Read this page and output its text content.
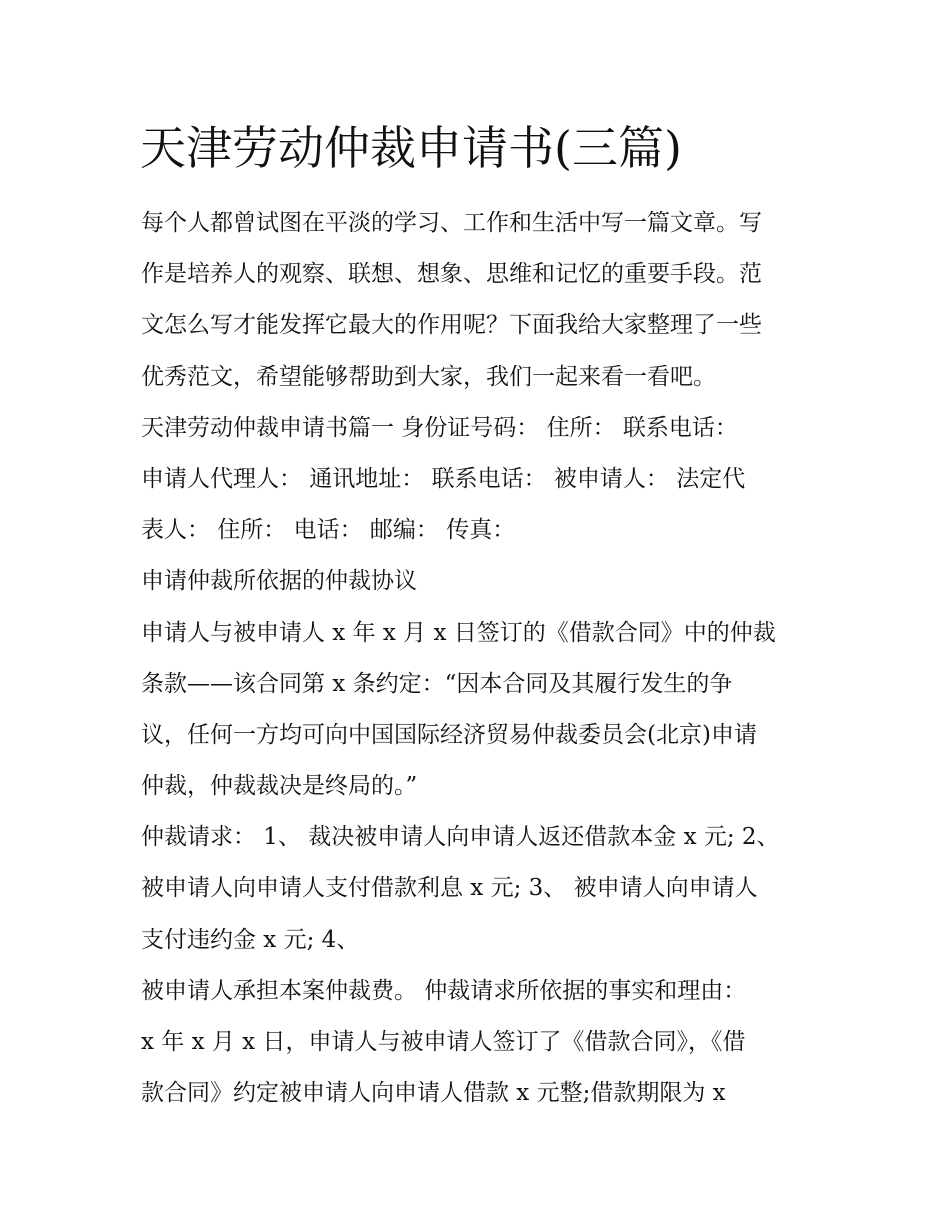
天津劳动仲裁申请书(三篇)
每个人都曾试图在平淡的学习、工作和生活中写一篇文章。写
作是培养人的观察、联想、想象、思维和记忆的重要手段。范
文怎么写才能发挥它最大的作用呢？下面我给大家整理了一些
优秀范文，希望能够帮助到大家，我们一起来看一看吧。
天津劳动仲裁申请书篇一 身份证号码： 住所： 联系电话：
申请人代理人： 通讯地址： 联系电话： 被申请人： 法定代
表人： 住所： 电话： 邮编： 传真：
申请仲裁所依据的仲裁协议
申请人与被申请人 x 年 x 月 x 日签订的《借款合同》中的仲裁
条款——该合同第 x 条约定：“因本合同及其履行发生的争
议，任何一方均可向中国国际经济贸易仲裁委员会(北京)申请
仲裁，仲裁裁决是终局的。”
仲裁请求： 1、 裁决被申请人向申请人返还借款本金 x 元; 2、
被申请人向申请人支付借款利息 x 元; 3、 被申请人向申请人
支付违约金 x 元; 4、
被申请人承担本案仲裁费。 仲裁请求所依据的事实和理由：
x 年 x 月 x 日，申请人与被申请人签订了《借款合同》，《借
款合同》约定被申请人向申请人借款 x 元整;借款期限为 x
